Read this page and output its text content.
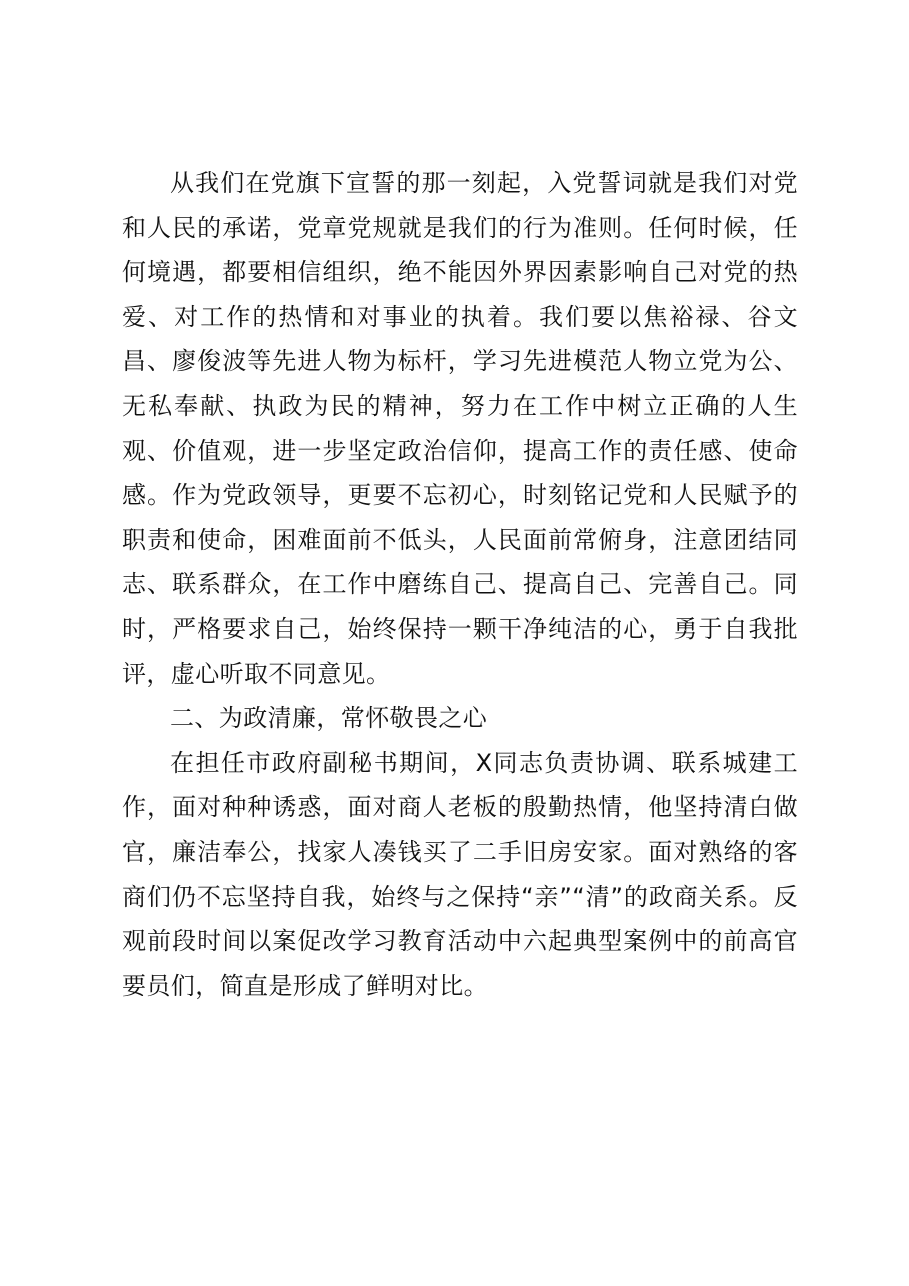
从我们在党旗下宣誓的那一刻起，入党誓词就是我们对党和人民的承诺，党章党规就是我们的行为准则。任何时候，任何境遇，都要相信组织，绝不能因外界因素影响自己对党的热爱、对工作的热情和对事业的执着。我们要以焦裕禄、谷文昌、廖俊波等先进人物为标杆，学习先进模范人物立党为公、无私奉献、执政为民的精神，努力在工作中树立正确的人生观、价值观，进一步坚定政治信仰，提高工作的责任感、使命感。作为党政领导，更要不忘初心，时刻铭记党和人民赋予的职责和使命，困难面前不低头，人民面前常俯身，注意团结同志、联系群众，在工作中磨练自己、提高自己、完善自己。同时，严格要求自己，始终保持一颗干净纯洁的心，勇于自我批评，虚心听取不同意见。

二、为政清廉，常怀敬畏之心

在担任市政府副秘书期间，X同志负责协调、联系城建工作，面对种种诱惑，面对商人老板的殷勤热情，他坚持清白做官，廉洁奉公，找家人凑钱买了二手旧房安家。面对熟络的客商们仍不忘坚持自我，始终与之保持“亲”“清”的政商关系。反观前段时间以案促改学习教育活动中六起典型案例中的前高官要员们，简直是形成了鲜明对比。
